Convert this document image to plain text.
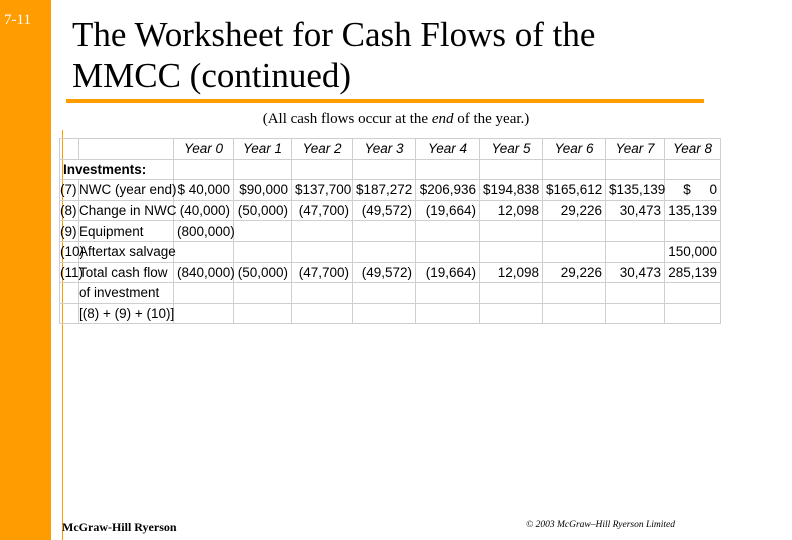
7-11 The Worksheet for Cash Flows of the
MMCC (continued)
(All cash flows occur at the end of the year.)
		Year 0	Year 1	Year 2	Year 3	Year 4	Year 5	Year 6	Year 7	Year 8
Investments:										
(7)	NWC (year end)	$ 40,000	$90,000	$137,700	$187,272	$206,936	$194,838	$165,612	$135,139	$     0
(8)	Change in NWC	(40,000)	(50,000)	(47,700)	(49,572)	(19,664)	12,098	29,226	30,473	135,139
(9)	Equipment	(800,000)								
(10)	Aftertax salvage									150,000
(11)	Total cash flow	(840,000)	(50,000)	(47,700)	(49,572)	(19,664)	12,098	29,226	30,473	285,139
	of investment									
	[(8) + (9) + (10)]									
McGraw-Hill Ryerson	© 2003 McGraw–Hill Ryerson Limited
